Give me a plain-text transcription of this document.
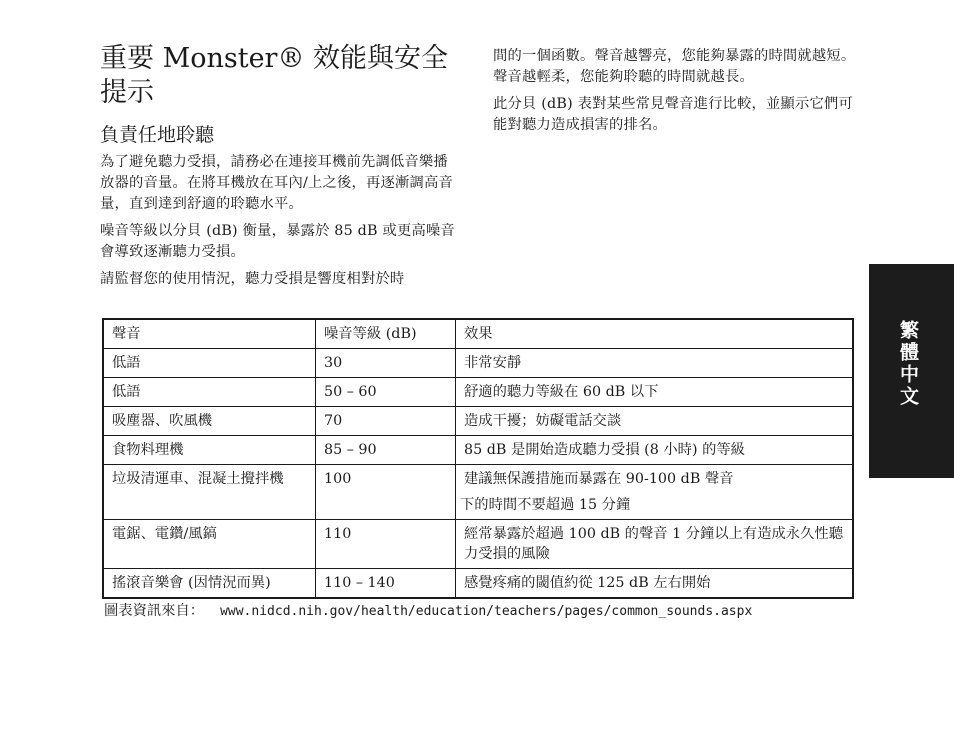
重要 Monster® 效能與安全提示
負責任地聆聽

為了避免聽力受損，請務必在連接耳機前先調低音樂播放器的音量。在將耳機放在耳內/上之後，再逐漸調高音量，直到達到舒適的聆聽水平。

噪音等級以分貝 (dB) 衡量，暴露於 85 dB 或更高噪音會導致逐漸聽力受損。

請監督您的使用情況，聽力受損是響度相對於時

間的一個函數。聲音越響亮，您能夠暴露的時間就越短。聲音越輕柔，您能夠聆聽的時間就越長。

此分貝 (dB) 表對某些常見聲音進行比較，並顯示它們可能對聽力造成損害的排名。

繁體中文
聲音	噪音等級 (dB)	效果
低語	30	非常安靜
低語	50 – 60	舒適的聽力等級在 60 dB 以下
吸塵器、吹風機	70	造成干擾；妨礙電話交談
食物料理機	85 – 90	85 dB 是開始造成聽力受損 (8 小時) 的等級
垃圾清運車、混凝土攪拌機	100	建議無保護措施而暴露在 90-100 dB 聲音
下的時間不要超過 15 分鐘

電鋸、電鑽/風鎬	110	經常暴露於超過 100 dB 的聲音 1 分鐘以上有造成永久性聽力受損的風險
搖滾音樂會 (因情況而異)	110 – 140	感覺疼痛的閾值約從 125 dB 左右開始
圖表資訊來自： www.nidcd.nih.gov/health/education/teachers/pages/common_sounds.aspx
